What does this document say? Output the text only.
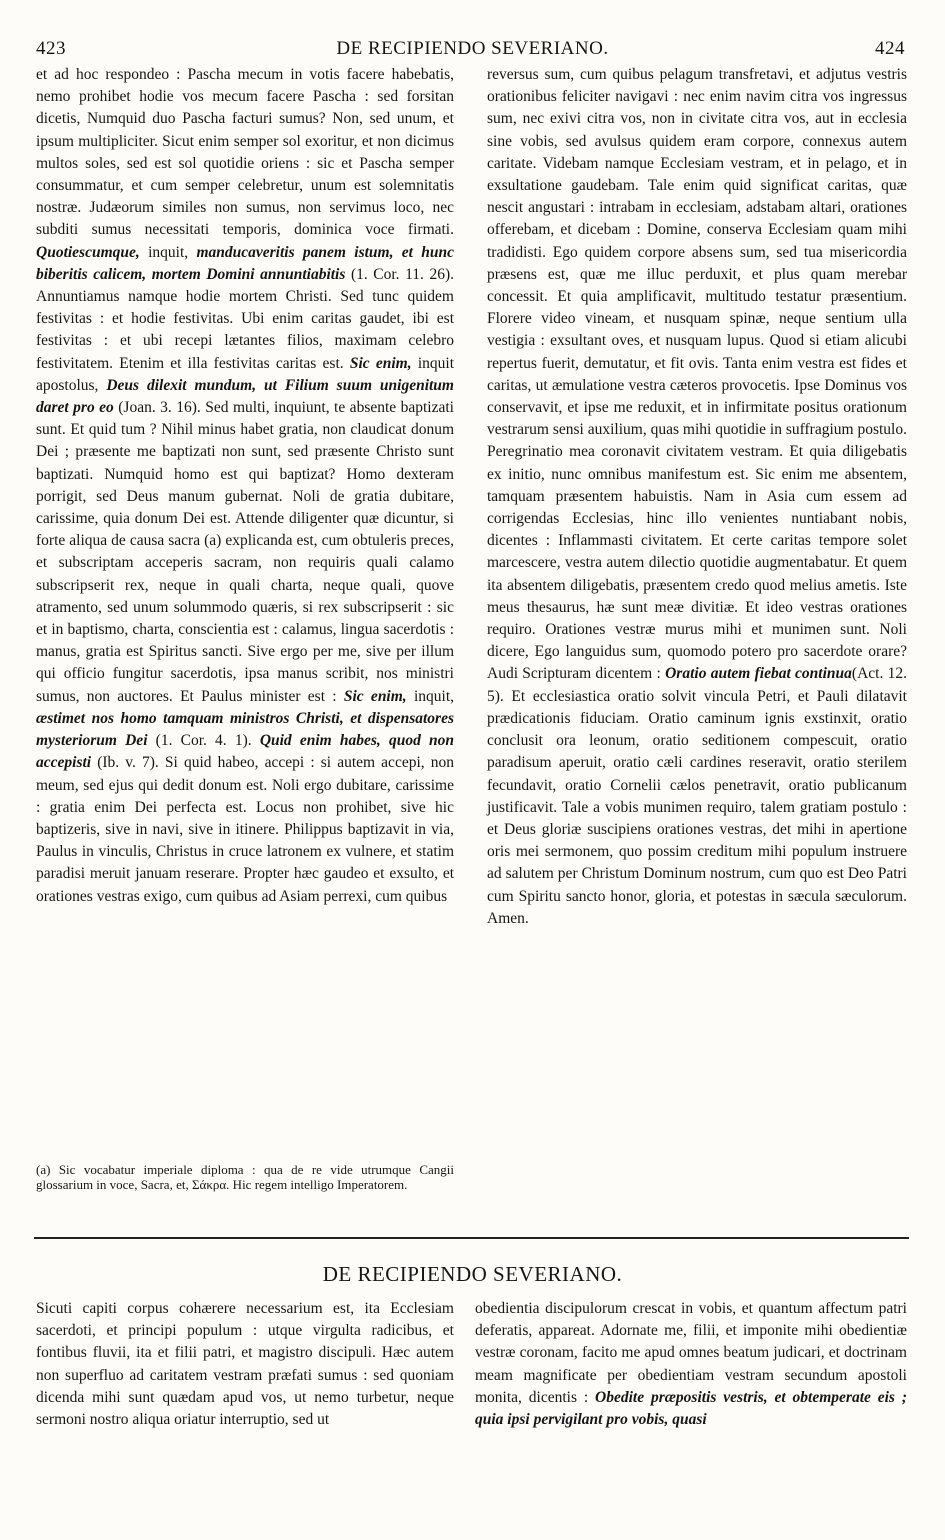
423	DE RECIPIENDO SEVERIANO.	424

et ad hoc respondeo : Pascha mecum in votis facere habebatis, nemo prohibet hodie vos mecum facere Pascha : sed forsitan dicetis, Numquid duo Pascha facturi sumus? Non, sed unum, et ipsum multipliciter. Sicut enim semper sol exoritur, et non dicimus multos soles, sed est sol quotidie oriens : sic et Pascha semper consummatur, et cum semper celebretur, unum est solemnitatis nostræ. Judæorum similes non sumus, non servimus loco, nec subditi sumus necessitati temporis, dominica voce firmati. Quotiescumque, inquit, manducaveritis panem istum, et hunc biberitis calicem, mortem Domini annuntiabitis (1. Cor. 11. 26). Annuntiamus namque hodie mortem Christi. Sed tunc quidem festivitas : et hodie festivitas. Ubi enim caritas gaudet, ibi est festivitas : et ubi recepi lætantes filios, maximam celebro festivitatem. Etenim et illa festivitas caritas est. Sic enim, inquit apostolus, Deus dilexit mundum, ut Filium suum unigenitum daret pro eo (Joan. 3. 16). Sed multi, inquiunt, te absente baptizati sunt. Et quid tum ? Nihil minus habet gratia, non claudicat donum Dei ; præsente me baptizati non sunt, sed præsente Christo sunt baptizati. Numquid homo est qui baptizat? Homo dexteram porrigit, sed Deus manum gubernat. Noli de gratia dubitare, carissime, quia donum Dei est. Attende diligenter quæ dicuntur, si forte aliqua de causa sacra (a) explicanda est, cum obtuleris preces, et subscriptam acceperis sacram, non requiris quali calamo subscripserit rex, neque in quali charta, neque quali, quove atramento, sed unum solummodo quæris, si rex subscripserit : sic et in baptismo, charta, conscientia est : calamus, lingua sacerdotis : manus, gratia est Spiritus sancti. Sive ergo per me, sive per illum qui officio fungitur sacerdotis, ipsa manus scribit, nos ministri sumus, non auctores. Et Paulus minister est : Sic enim, inquit, æstimet nos homo tamquam ministros Christi, et dispensatores mysteriorum Dei (1. Cor. 4. 1). Quid enim habes, quod non accepisti (Ib. v. 7). Si quid habeo, accepi : si autem accepi, non meum, sed ejus qui dedit donum est. Noli ergo dubitare, carissime : gratia enim Dei perfecta est. Locus non prohibet, sive hic baptizeris, sive in navi, sive in itinere. Philippus baptizavit in via, Paulus in vinculis, Christus in cruce latronem ex vulnere, et statim paradisi meruit januam reserare. Propter hæc gaudeo et exsulto, et orationes vestras exigo, cum quibus ad Asiam perrexi, cum quibus

(a) Sic vocabatur imperiale diploma : qua de re vide utrumque Cangii glossarium in voce, Sacra, et, Σάκρα. Hic regem intelligo Imperatorem.

reversus sum, cum quibus pelagum transfretavi, et adjutus vestris orationibus feliciter navigavi : nec enim navim citra vos ingressus sum, nec exivi citra vos, non in civitate citra vos, aut in ecclesia sine vobis, sed avulsus quidem eram corpore, connexus autem caritate. Videbam namque Ecclesiam vestram, et in pelago, et in exsultatione gaudebam. Tale enim quid significat caritas, quæ nescit angustari : intrabam in ecclesiam, adstabam altari, orationes offerebam, et dicebam : Domine, conserva Ecclesiam quam mihi tradidisti. Ego quidem corpore absens sum, sed tua misericordia præsens est, quæ me illuc perduxit, et plus quam merebar concessit. Et quia amplificavit, multitudo testatur præsentium. Florere video vineam, et nusquam spinæ, neque sentium ulla vestigia : exsultant oves, et nusquam lupus. Quod si etiam alicubi repertus fuerit, demutatur, et fit ovis. Tanta enim vestra est fides et caritas, ut æmulatione vestra cæteros provocetis. Ipse Dominus vos conservavit, et ipse me reduxit, et in infirmitate positus orationum vestrarum sensi auxilium, quas mihi quotidie in suffragium postulo. Peregrinatio mea coronavit civitatem vestram. Et quia diligebatis ex initio, nunc omnibus manifestum est. Sic enim me absentem, tamquam præsentem habuistis. Nam in Asia cum essem ad corrigendas Ecclesias, hinc illo venientes nuntiabant nobis, dicentes : Inflammasti civitatem. Et certe caritas tempore solet marcescere, vestra autem dilectio quotidie augmentabatur. Et quem ita absentem diligebatis, præsentem credo quod melius ametis. Iste meus thesaurus, hæ sunt meæ divitiæ. Et ideo vestras orationes requiro. Orationes vestræ murus mihi et munimen sunt. Noli dicere, Ego languidus sum, quomodo potero pro sacerdote orare? Audi Scripturam dicentem : Oratio autem fiebat continua(Act. 12. 5). Et ecclesiastica oratio solvit vincula Petri, et Pauli dilatavit prædicationis fiduciam. Oratio caminum ignis exstinxit, oratio conclusit ora leonum, oratio seditionem compescuit, oratio paradisum aperuit, oratio cæli cardines reseravit, oratio sterilem fecundavit, oratio Cornelii cælos penetravit, oratio publicanum justificavit. Tale a vobis munimen requiro, talem gratiam postulo : et Deus gloriæ suscipiens orationes vestras, det mihi in apertione oris mei sermonem, quo possim creditum mihi populum instruere ad salutem per Christum Dominum nostrum, cum quo est Deo Patri cum Spiritu sancto honor, gloria, et potestas in sæcula sæculorum. Amen.

DE RECIPIENDO SEVERIANO.

Sicuti capiti corpus cohærere necessarium est, ita Ecclesiam sacerdoti, et principi populum : utque virgulta radicibus, et fontibus fluvii, ita et filii patri, et magistro discipuli. Hæc autem non superfluo ad caritatem vestram præfati sumus : sed quoniam dicenda mihi sunt quædam apud vos, ut nemo turbetur, neque sermoni nostro aliqua oriatur interruptio, sed ut

obedientia discipulorum crescat in vobis, et quantum affectum patri deferatis, appareat. Adornate me, filii, et imponite mihi obedientiæ vestræ coronam, facito me apud omnes beatum judicari, et doctrinam meam magnificate per obedientiam vestram secundum apostoli monita, dicentis : Obedite præpositis vestris, et obtemperate eis ; quia ipsi pervigilant pro vobis, quasi
